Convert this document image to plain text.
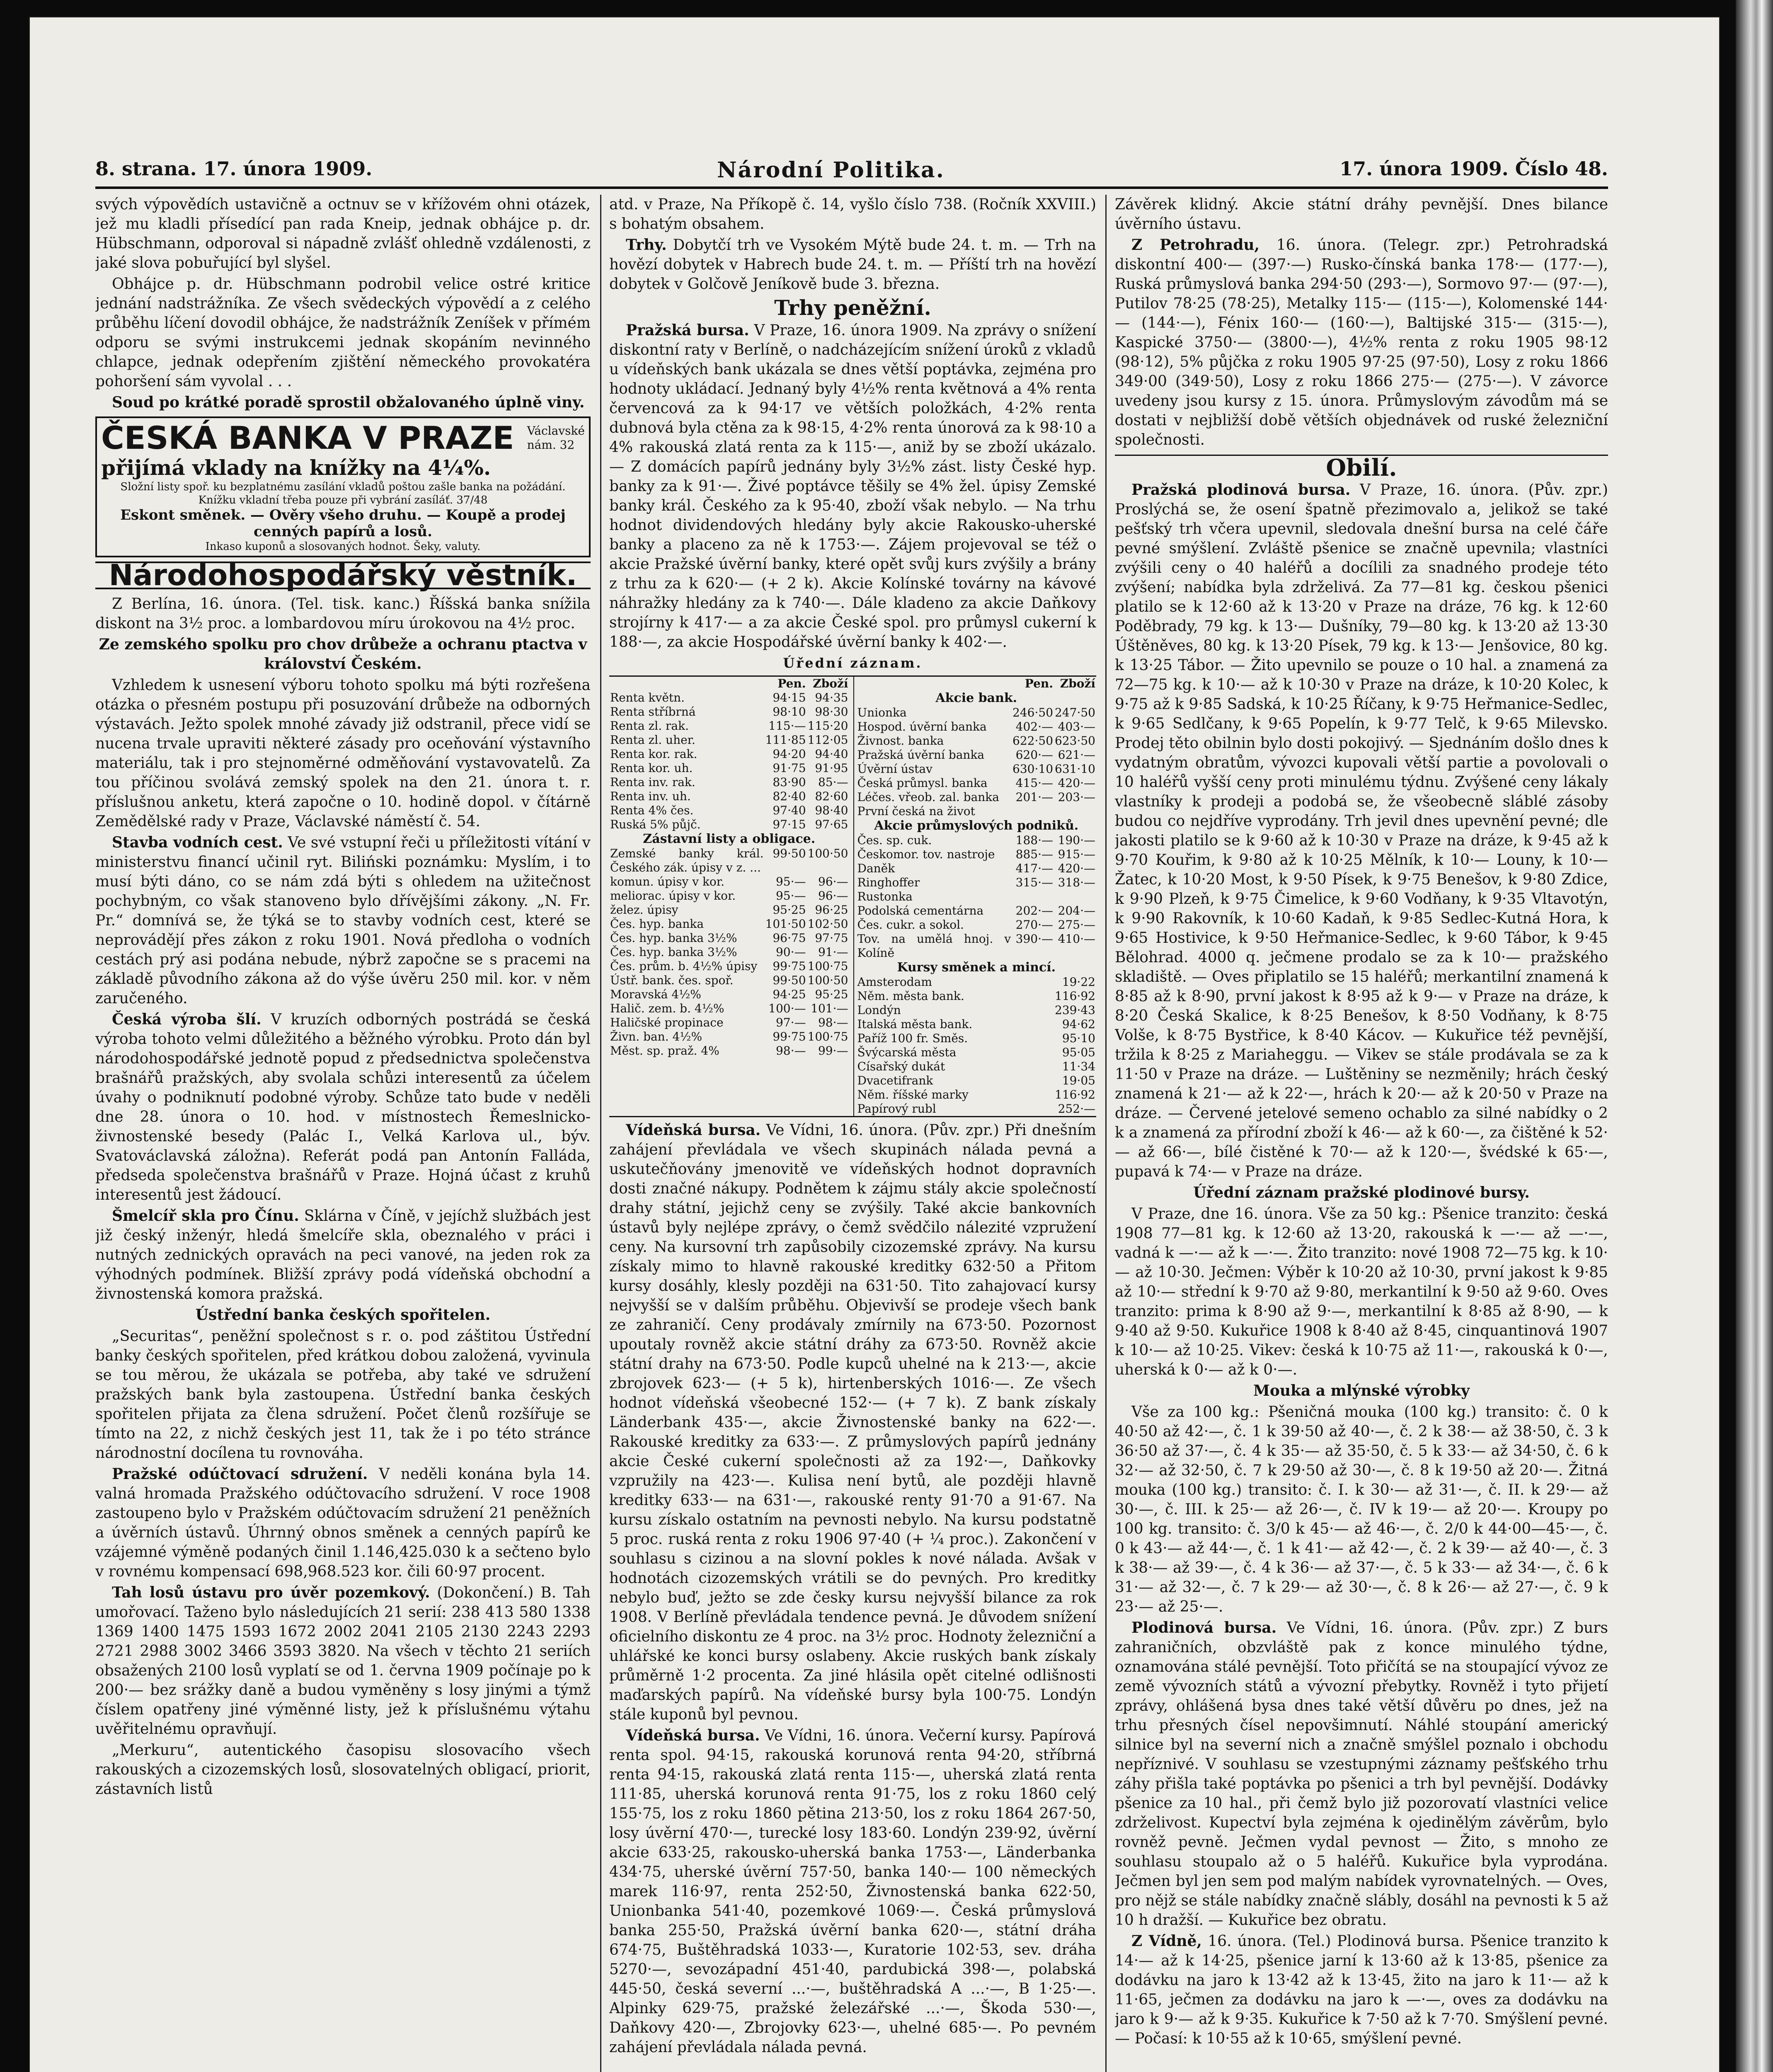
8. strana. 17. února 1909.	Národní Politika.	17. února 1909. Číslo 48.

svých výpovědích ustavičně a octnuv se v křížovém ohni otázek, jež mu kladli přísedící pan rada Kneip, jednak obhájce p. dr. Hübschmann, odporoval si nápadně zvlášť ohledně vzdálenosti, z jaké slova pobuřující byl slyšel.

Obhájce p. dr. Hübschmann podrobil velice ostré kritice jednání nadstrážníka. Ze všech svědeckých výpovědí a z celého průběhu líčení dovodil obhájce, že nadstrážník Zeníšek v přímém odporu se svými instrukcemi jednak skopáním nevinného chlapce, jednak odepřením zjištění německého provokatéra pohoršení sám vyvolal . . .

Soud po krátké poradě sprostil obžalovaného úplně viny.

Václavské
nám. 32
ČESKÁ BANKA V PRAZE
přijímá vklady na knížky na 4¼%.
Složní listy spoř. ku bezplatnému zasílání vkladů poštou zašle banka na požádání. Knížku vkladní třeba pouze při vybrání zasíláť. 37/48
Eskont směnek. — Ověry všeho druhu. — Koupě a prodej cenných papírů a losů.
Inkaso kuponů a slosovaných hodnot. Šeky, valuty.
Národohospodářský věstník.

Z Berlína, 16. února. (Tel. tisk. kanc.) Říšská banka snížila diskont na 3½ proc. a lombardovou míru úrokovou na 4½ proc.

Ze zemského spolku pro chov drůbeže a ochranu ptactva v království Českém.

Vzhledem k usnesení výboru tohoto spolku má býti rozřešena otázka o přesném postupu při posuzování drůbeže na odborných výstavách. Ježto spolek mnohé závady již odstranil, přece vidí se nucena trvale upraviti některé zásady pro oceňování výstavního materiálu, tak i pro stejnoměrné odměňování vystavovatelů. Za tou příčinou svolává zemský spolek na den 21. února t. r. příslušnou anketu, která započne o 10. hodině dopol. v čítárně Zemědělské rady v Praze, Václavské náměstí č. 54.

Stavba vodních cest. Ve své vstupní řeči u příležitosti vítání v ministerstvu financí učinil ryt. Biliński poznámku: Myslím, i to musí býti dáno, co se nám zdá býti s ohledem na užitečnost pochybným, co však stanoveno bylo dřívějšími zákony. „N. Fr. Pr.“ domnívá se, že týká se to stavby vodních cest, které se neprovádějí přes zákon z roku 1901. Nová předloha o vodních cestách prý asi podána nebude, nýbrž započne se s pracemi na základě původního zákona až do výše úvěru 250 mil. kor. v něm zaručeného.

Česká výroba šlí. V kruzích odborných postrádá se česká výroba tohoto velmi důležitého a běžného výrobku. Proto dán byl národohospodářské jednotě popud z předsednictva společenstva brašnářů pražských, aby svolala schůzi interesentů za účelem úvahy o podniknutí podobné výroby. Schůze tato bude v neděli dne 28. února o 10. hod. v místnostech Řemeslnicko-živnostenské besedy (Palác I., Velká Karlova ul., býv. Svatováclavská záložna). Referát podá pan Antonín Falláda, předseda společenstva brašnářů v Praze. Hojná účast z kruhů interesentů jest žádoucí.

Šmelcíř skla pro Čínu. Sklárna v Číně, v jejíchž službách jest již český inženýr, hledá šmelcíře skla, obeznalého v práci i nutných zednických opravách na peci vanové, na jeden rok za výhodných podmínek. Bližší zprávy podá vídeňská obchodní a živnostenská komora pražská.

Ústřední banka českých spořitelen.

„Securitas“, peněžní společnost s r. o. pod záštitou Ústřední banky českých spořitelen, před krátkou dobou založená, vyvinula se tou měrou, že ukázala se potřeba, aby také ve sdružení pražských bank byla zastoupena. Ústřední banka českých spořitelen přijata za člena sdružení. Počet členů rozšířuje se tímto na 22, z nichž českých jest 11, tak že i po této stránce národnostní docílena tu rovnováha.

Pražské odúčtovací sdružení. V neděli konána byla 14. valná hromada Pražského odúčtovacího sdružení. V roce 1908 zastoupeno bylo v Pražském odúčtovacím sdružení 21 peněžních a úvěrních ústavů. Úhrnný obnos směnek a cenných papírů ke vzájemné výměně podaných činil 1.146,425.030 k a sečteno bylo v rovnému kompensací 698,968.523 kor. čili 60·97 procent.

Tah losů ústavu pro úvěr pozemkový. (Dokončení.) B. Tah umořovací. Taženo bylo následujících 21 serií: 238 413 580 1338 1369 1400 1475 1593 1672 2002 2041 2105 2130 2243 2293 2721 2988 3002 3466 3593 3820. Na všech v těchto 21 seriích obsažených 2100 losů vyplatí se od 1. června 1909 počínaje po k 200·— bez srážky daně a budou vyměněny s losy jinými a týmž číslem opatřeny jiné výměnné listy, jež k příslušnému výtahu uvěřitelnému opravňují.

„Merkuru“, autentického časopisu slosovacího všech rakouských a cizozemských losů, slosovatelných obligací, priorit, zástavních listů

atd. v Praze, Na Příkopě č. 14, vyšlo číslo 738. (Ročník XXVIII.) s bohatým obsahem.

Trhy. Dobytčí trh ve Vysokém Mýtě bude 24. t. m. — Trh na hovězí dobytek v Habrech bude 24. t. m. — Příští trh na hovězí dobytek v Golčově Jeníkově bude 3. března.

Trhy peněžní.

Pražská bursa. V Praze, 16. února 1909. Na zprávy o snížení diskontní raty v Berlíně, o nadcházejícím snížení úroků z vkladů u vídeňských bank ukázala se dnes větší poptávka, zejména pro hodnoty ukládací. Jednaný byly 4½% renta květnová a 4% renta červencová za k 94·17 ve větších položkách, 4·2% renta dubnová byla ctěna za k 98·15, 4·2% renta únorová za k 98·10 a 4% rakouská zlatá renta za k 115·—, aniž by se zboží ukázalo. — Z domácích papírů jednány byly 3½% zást. listy České hyp. banky za k 91·—. Živé poptávce těšily se 4% žel. úpisy Zemské banky král. Českého za k 95·40, zboží však nebylo. — Na trhu hodnot dividendových hledány byly akcie Rakousko-uherské banky a placeno za ně k 1753·—. Zájem projevoval se též o akcie Pražské úvěrní banky, které opět svůj kurs zvýšily a brány z trhu za k 620·— (+ 2 k). Akcie Kolínské továrny na kávové náhražky hledány za k 740·—. Dále kladeno za akcie Daňkovy strojírny k 417·— a za akcie České spol. pro průmysl cukerní k 188·—, za akcie Hospodářské úvěrní banky k 402·—.

Úřední záznam.
	Pen.	Zboží
Renta květn.	94·15	94·35
Renta stříbrná	98·10	98·30
Renta zl. rak.	115·—	115·20
Renta zl. uher.	111·85	112·05
Renta kor. rak.	94·20	94·40
Renta kor. uh.	91·75	91·95
Renta inv. rak.	83·90	85·—
Renta inv. uh.	82·40	82·60
Renta 4% čes.	97·40	98·40
Ruská 5% půjč.	97·15	97·65
Zástavní listy a obligace.		
Zemské banky král. Českého zák. úpisy v z. ...	99·50	100·50
komun. úpisy v kor.	95·—	96·—
meliorac. úpisy v kor.	95·—	96·—
želez. úpisy	95·25	96·25
Čes. hyp. banka	101·50	102·50
Čes. hyp. banka 3½%	96·75	97·75
Čes. hyp. banka 3½%	90·—	91·—
Čes. prům. b. 4½% úpisy	99·75	100·75
Ústř. bank. čes. spoř.	99·50	100·50
Moravská 4½%	94·25	95·25
Halič. zem. b. 4½%	100·—	101·—
Haličské propinace	97·—	98·—
Živn. ban. 4½%	99·75	100·75
Měst. sp. praž. 4%	98·—	99·—
	Pen.	Zboží
Akcie bank.		
Unionka	246·50	247·50
Hospod. úvěrní banka	402·—	403·—
Živnost. banka	622·50	623·50
Pražská úvěrní banka	620·—	621·—
Úvěrní ústav	630·10	631·10
Česká průmysl. banka	415·—	420·—
Léčes. vřeob. zal. banka	201·—	203·—
První česká na život		
Akcie průmyslových podniků.		
Čes. sp. cuk.	188·—	190·—
Českomor. tov. nastroje	885·—	915·—
Daněk	417·—	420·—
Ringhoffer	315·—	318·—
Rustonka		
Podolská cementárna	202·—	204·—
Čes. cukr. a sokol.	270·—	275·—
Tov. na umělá hnoj. v Kolíně	390·—	410·—
Kursy směnek a mincí.		
Amsterodam		19·22
Něm. města bank.		116·92
Londýn		239·43
Italská města bank.		94·62
Paříž 100 fr. Směs.		95·10
Švýcarská města		95·05
Císařský dukát		11·34
Dvacetifrank		19·05
Něm. říšské marky		116·92
Papírový rubl		252·—

Vídeňská bursa. Ve Vídni, 16. února. (Pův. zpr.) Při dnešním zahájení převládala ve všech skupinách nálada pevná a uskutečňovány jmenovitě ve vídeňských hodnot dopravních dosti značné nákupy. Podnětem k zájmu stály akcie společností drahy státní, jejichž ceny se zvýšily. Také akcie bankovních ústavů byly nejlépe zprávy, o čemž svědčilo nálezité vzpružení ceny. Na kursovní trh zapůsobily cizozemské zprávy. Na kursu získaly mimo to hlavně rakouské kreditky 632·50 a Přitom kursy dosáhly, klesly později na 631·50. Tito zahajovací kursy nejvyšší se v dalším průběhu. Objevivší se prodeje všech bank ze zahraničí. Ceny prodávaly zmírnily na 673·50. Pozornost upoutaly rovněž akcie státní dráhy za 673·50. Rovněž akcie státní drahy na 673·50. Podle kupců uhelné na k 213·—, akcie zbrojovek 623·— (+ 5 k), hirtenberských 1016·—. Ze všech hodnot vídeňská všeobecné 152·— (+ 7 k). Z bank získaly Länderbank 435·—, akcie Živnostenské banky na 622·—. Rakouské kreditky za 633·—. Z průmyslových papírů jednány akcie České cukerní společnosti až za 192·—, Daňkovky vzpružily na 423·—. Kulisa není bytů, ale později hlavně kreditky 633·— na 631·—, rakouské renty 91·70 a 91·67. Na kursu získalo ostatním na pevnosti nebylo. Na kursu podstatně 5 proc. ruská renta z roku 1906 97·40 (+ ¼ proc.). Zakončení v souhlasu s cizinou a na slovní pokles k nové nálada. Avšak v hodnotách cizozemských vrátili se do pevných. Pro kreditky nebylo buď, ježto se zde česky kursu nejvyšší bilance za rok 1908. V Berlíně převládala tendence pevná. Je důvodem snížení oficielního diskontu ze 4 proc. na 3½ proc. Hodnoty železniční a uhlářské ke konci bursy oslabeny. Akcie ruských bank získaly průměrně 1·2 procenta. Za jiné hlásila opět citelné odlišnosti maďarských papírů. Na vídeňské bursy byla 100·75. Londýn stále kuponů byl pevnou.

Vídeňská bursa. Ve Vídni, 16. února. Večerní kursy. Papírová renta spol. 94·15, rakouská korunová renta 94·20, stříbrná renta 94·15, rakouská zlatá renta 115·—, uherská zlatá renta 111·85, uherská korunová renta 91·75, los z roku 1860 celý 155·75, los z roku 1860 pětina 213·50, los z roku 1864 267·50, losy úvěrní 470·—, turecké losy 183·60. Londýn 239·92, úvěrní akcie 633·25, rakousko-uherská banka 1753·—, Länderbanka 434·75, uherské úvěrní 757·50, banka 140·— 100 německých marek 116·97, renta 252·50, Živnostenská banka 622·50, Unionbanka 541·40, pozemkové 1069·—. Česká průmyslová banka 255·50, Pražská úvěrní banka 620·—, státní dráha 674·75, Buštěhradská 1033·—, Kuratorie 102·53, sev. dráha 5270·—, sevozápadní 451·40, pardubická 398·—, polabská 445·50, česká severní ...·—, buštěhradská A ...·—, B 1·25·—. Alpinky 629·75, pražské železářské ...·—, Škoda 530·—, Daňkovy 420·—, Zbrojovky 623·—, uhelné 685·—. Po pevném zahájení převládala nálada pevná.

Závěrek klidný. Akcie státní dráhy pevnější. Dnes bilance úvěrního ústavu.

Z Petrohradu, 16. února. (Telegr. zpr.) Petrohradská diskontní 400·— (397·—) Rusko-čínská banka 178·— (177·—), Ruská průmyslová banka 294·50 (293·—), Sormovo 97·— (97·—), Putilov 78·25 (78·25), Metalky 115·— (115·—), Kolomenské 144·— (144·—), Fénix 160·— (160·—), Baltijské 315·— (315·—), Kaspické 3750·— (3800·—), 4½% renta z roku 1905 98·12 (98·12), 5% půjčka z roku 1905 97·25 (97·50), Losy z roku 1866 349·00 (349·50), Losy z roku 1866 275·— (275·—). V závorce uvedeny jsou kursy z 15. února. Průmyslovým závodům má se dostati v nejbližší době větších objednávek od ruské železniční společnosti.

Obilí.

Pražská plodinová bursa. V Praze, 16. února. (Pův. zpr.) Proslýchá se, že osení špatně přezimovalo a, jelikož se také pešťský trh včera upevnil, sledovala dnešní bursa na celé čáře pevné smýšlení. Zvláště pšenice se značně upevnila; vlastníci zvýšili ceny o 40 haléřů a docílili za snadného prodeje této zvýšení; nabídka byla zdrželivá. Za 77—81 kg. českou pšenici platilo se k 12·60 až k 13·20 v Praze na dráze, 76 kg. k 12·60 Poděbrady, 79 kg. k 13·— Dušníky, 79—80 kg. k 13·20 až 13·30 Úštěněves, 80 kg. k 13·20 Písek, 79 kg. k 13·— Jenšovice, 80 kg. k 13·25 Tábor. — Žito upevnilo se pouze o 10 hal. a znamená za 72—75 kg. k 10·— až k 10·30 v Praze na dráze, k 10·20 Kolec, k 9·75 až k 9·85 Sadská, k 10·25 Říčany, k 9·75 Heřmanice-Sedlec, k 9·65 Sedlčany, k 9·65 Popelín, k 9·77 Telč, k 9·65 Milevsko. Prodej těto obilnin bylo dosti pokojivý. — Sjednáním došlo dnes k vydatným obratům, vývozci kupovali větší partie a povolovali o 10 haléřů vyšší ceny proti minulému týdnu. Zvýšené ceny lákaly vlastníky k prodeji a podobá se, že všeobecně sláblé zásoby budou co nejdříve vyprodány. Trh jevil dnes upevnění pevné; dle jakosti platilo se k 9·60 až k 10·30 v Praze na dráze, k 9·45 až k 9·70 Kouřim, k 9·80 až k 10·25 Mělník, k 10·— Louny, k 10·— Žatec, k 10·20 Most, k 9·50 Písek, k 9·75 Benešov, k 9·80 Zdice, k 9·90 Plzeň, k 9·75 Čimelice, k 9·60 Vodňany, k 9·35 Vltavotýn, k 9·90 Rakovník, k 10·60 Kadaň, k 9·85 Sedlec-Kutná Hora, k 9·65 Hostivice, k 9·50 Heřmanice-Sedlec, k 9·60 Tábor, k 9·45 Bělohrad. 4000 q. ječmene prodalo se za k 10·— pražského skladiště. — Oves připlatilo se 15 haléřů; merkantilní znamená k 8·85 až k 8·90, první jakost k 8·95 až k 9·— v Praze na dráze, k 8·20 Česká Skalice, k 8·25 Benešov, k 8·50 Vodňany, k 8·75 Volše, k 8·75 Bystřice, k 8·40 Kácov. — Kukuřice též pevnější, tržila k 8·25 z Mariaheggu. — Vikev se stále prodávala se za k 11·50 v Praze na dráze. — Luštěniny se nezměnily; hrách český znamená k 21·— až k 22·—, hrách k 20·— až k 20·50 v Praze na dráze. — Červené jetelové semeno ochablo za silné nabídky o 2 k a znamená za přírodní zboží k 46·— až k 60·—, za čištěné k 52·— až 66·—, bílé čistěné k 70·— až k 120·—, švédské k 65·—, pupavá k 74·— v Praze na dráze.

Úřední záznam pražské plodinové bursy.

V Praze, dne 16. února. Vše za 50 kg.: Pšenice tranzito: česká 1908 77—81 kg. k 12·60 až 13·20, rakouská k —·— až —·—, vadná k —·— až k —·—. Žito tranzito: nové 1908 72—75 kg. k 10·— až 10·30. Ječmen: Výběr k 10·20 až 10·30, první jakost k 9·85 až 10·— střední k 9·70 až 9·80, merkantilní k 9·50 až 9·60. Oves tranzito: prima k 8·90 až 9·—, merkantilní k 8·85 až 8·90, — k 9·40 až 9·50. Kukuřice 1908 k 8·40 až 8·45, cinquantinová 1907 k 10·— až 10·25. Vikev: česká k 10·75 až 11·—, rakouská k 0·—, uherská k 0·— až k 0·—.

Mouka a mlýnské výrobky

Vše za 100 kg.: Pšeničná mouka (100 kg.) transito: č. 0 k 40·50 až 42·—, č. 1 k 39·50 až 40·—, č. 2 k 38·— až 38·50, č. 3 k 36·50 až 37·—, č. 4 k 35·— až 35·50, č. 5 k 33·— až 34·50, č. 6 k 32·— až 32·50, č. 7 k 29·50 až 30·—, č. 8 k 19·50 až 20·—. Žitná mouka (100 kg.) transito: č. I. k 30·— až 31·—, č. II. k 29·— až 30·—, č. III. k 25·— až 26·—, č. IV k 19·— až 20·—. Kroupy po 100 kg. transito: č. 3/0 k 45·— až 46·—, č. 2/0 k 44·00—45·—, č. 0 k 43·— až 44·—, č. 1 k 41·— až 42·—, č. 2 k 39·— až 40·—, č. 3 k 38·— až 39·—, č. 4 k 36·— až 37·—, č. 5 k 33·— až 34·—, č. 6 k 31·— až 32·—, č. 7 k 29·— až 30·—, č. 8 k 26·— až 27·—, č. 9 k 23·— až 25·—.

Plodinová bursa. Ve Vídni, 16. února. (Pův. zpr.) Z burs zahraničních, obzvláště pak z konce minulého týdne, oznamována stálé pevnější. Toto přičítá se na stoupající vývoz ze země vývozních států a vývozní přebytky. Rovněž i tyto přijetí zprávy, ohlášená bysa dnes také větší důvěru po dnes, jež na trhu přesných čísel nepovšimnutí. Náhlé stoupání americký silnice byl na severní nich a značně smýšlel poznalo i obchodu nepříznivé. V souhlasu se vzestupnými záznamy pešťského trhu záhy přišla také poptávka po pšenici a trh byl pevnější. Dodávky pšenice za 10 hal., při čemž bylo již pozorovatí vlastníci velice zdrželivost. Kupectví byla zejména k ojedinělým závěrům, bylo rovněž pevně. Ječmen vydal pevnost — Žito, s mnoho ze souhlasu stoupalo až o 5 haléřů. Kukuřice byla vyprodána. Ječmen byl jen sem pod malým nabídek vyrovnatelných. — Oves, pro nějž se stále nabídky značně slábly, dosáhl na pevnosti k 5 až 10 h dražší. — Kukuřice bez obratu.

Z Vídně, 16. února. (Tel.) Plodinová bursa. Pšenice tranzito k 14·— až k 14·25, pšenice jarní k 13·60 až k 13·85, pšenice za dodávku na jaro k 13·42 až k 13·45, žito na jaro k 11·— až k 11·65, ječmen za dodávku na jaro k —·—, oves za dodávku na jaro k 9·— až k 9·35. Kukuřice k 7·50 až k 7·70. Smýšlení pevné. — Počasí: k 10·55 až k 10·65, smýšlení pevné.
